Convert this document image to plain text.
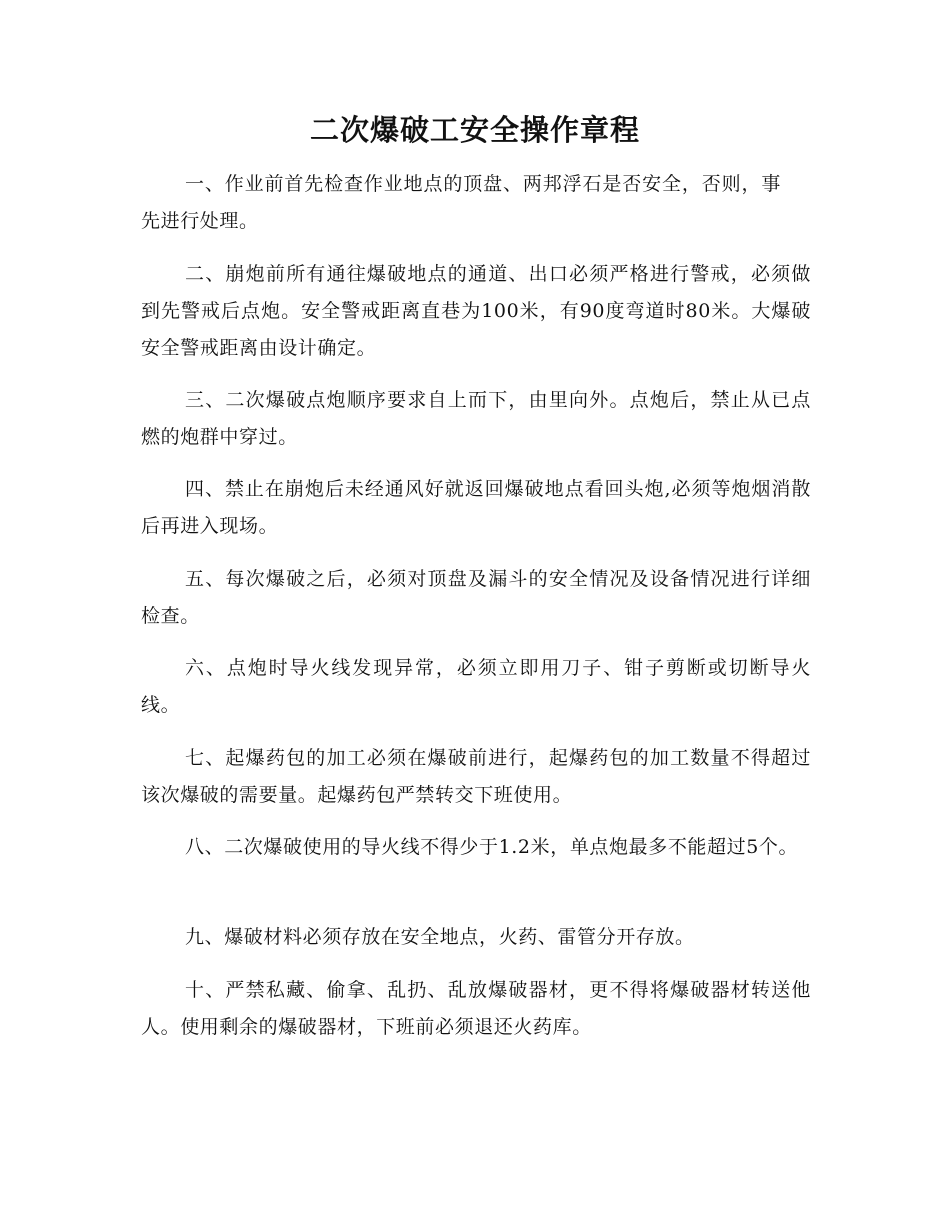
二次爆破工安全操作章程

一、作业前首先检查作业地点的顶盘、两邦浮石是否安全，否则，事先进行处理。

二、崩炮前所有通往爆破地点的通道、出口必须严格进行警戒，必须做到先警戒后点炮。安全警戒距离直巷为100米，有90度弯道时80米。大爆破安全警戒距离由设计确定。

三、二次爆破点炮顺序要求自上而下，由里向外。点炮后，禁止从已点燃的炮群中穿过。

四、禁止在崩炮后未经通风好就返回爆破地点看回头炮,必须等炮烟消散后再进入现场。

五、每次爆破之后，必须对顶盘及漏斗的安全情况及设备情况进行详细检查。

六、点炮时导火线发现异常，必须立即用刀子、钳子剪断或切断导火线。

七、起爆药包的加工必须在爆破前进行，起爆药包的加工数量不得超过该次爆破的需要量。起爆药包严禁转交下班使用。

八、二次爆破使用的导火线不得少于1.2米，单点炮最多不能超过5个。

九、爆破材料必须存放在安全地点，火药、雷管分开存放。

十、严禁私藏、偷拿、乱扔、乱放爆破器材，更不得将爆破器材转送他人。使用剩余的爆破器材，下班前必须退还火药库。
